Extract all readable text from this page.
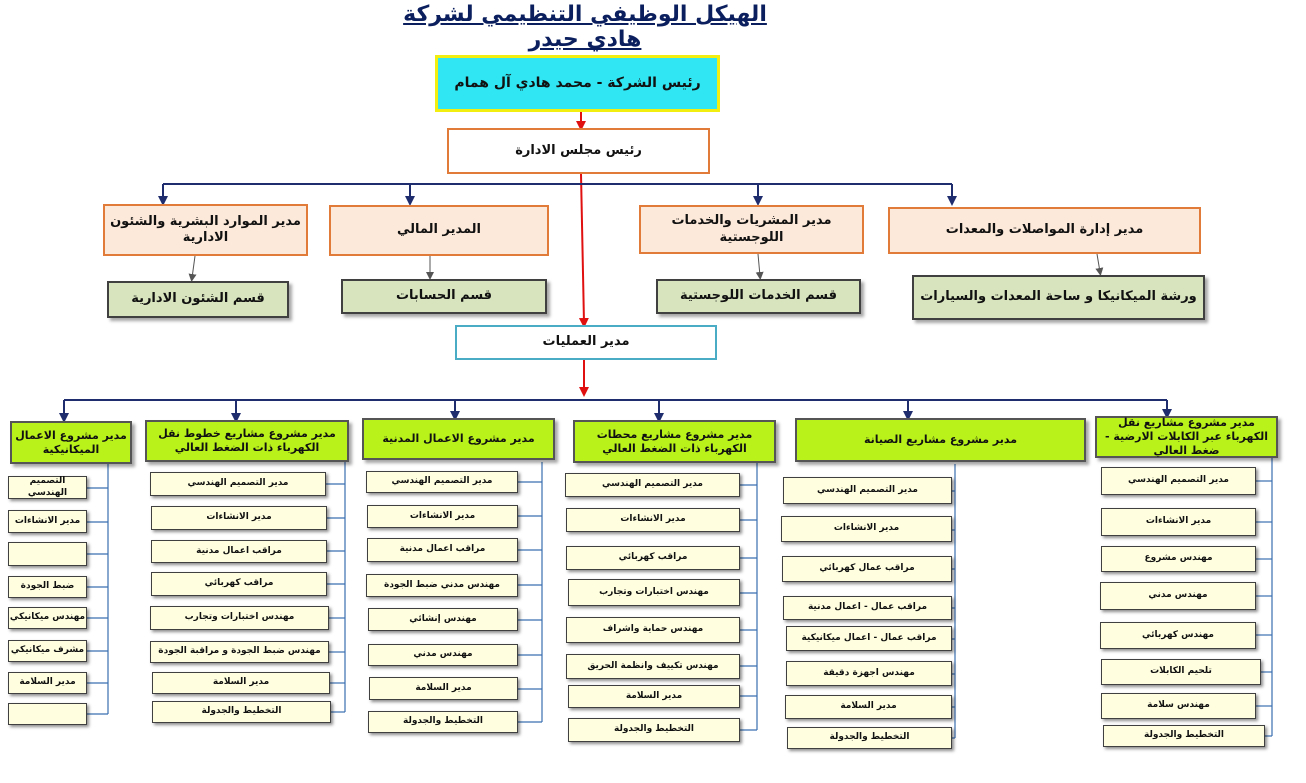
الهيكل الوظيفي التنظيمي لشركة هادي حيدر
رئيس الشركة - محمد هادي آل همام
رئيس مجلس الادارة
مدير الموارد البشرية والشئون الادارية
المدير المالي
مدير المشريات والخدمات اللوجستية	مدير إدارة المواصلات والمعدات
قسم الشئون الادارية	قسم الحسابات	قسم الخدمات اللوجستية	ورشة الميكانيكا و ساحة المعدات والسيارات
مدير العمليات
مدير مشروع الاعمال الميكانيكية
مدير مشروع مشاريع خطوط نقل الكهرباء ذات الضغط العالي
مدير مشروع الاعمال المدنية	مدير مشروع مشاريع محطات الكهرباء ذات الضغط العالي
مدير مشروع مشاريع الصيانة
مدير مشروع مشاريع نقل الكهرباء عبر الكابلات الارضية - ضغط العالي
التصميم الهندسي
مدير الانشاءات
ضبط الجودة
مهندس ميكانيكي
مشرف ميكانيكي
مدير السلامة
مدير التصميم الهندسي
مدير الانشاءات
مراقب اعمال مدنية
مراقب كهربائي
مهندس اختبارات وتجارب
مهندس ضبط الجودة و مراقبة الجودة
مدير السلامة
التخطيط والجدولة
مدير التصميم الهندسي
مدير الانشاءات
مراقب اعمال مدنية
مهندس مدني ضبط الجودة
مهندس إنشائي
مهندس مدني
مدير السلامة
التخطيط والجدولة
مدير التصميم الهندسي
مدير الانشاءات
مراقب كهربائي
مهندس اختبارات وتجارب
مهندس حماية واشراف
مهندس تكييف وانظمة الحريق
مدير السلامة
التخطيط والجدولة
مدير التصميم الهندسي
مدير الانشاءات
مراقب عمال كهربائي
مراقب عمال - اعمال مدنية
مراقب عمال - اعمال ميكانيكية
مهندس اجهزة دقيقة
مدير السلامة
التخطيط والجدولة
مدير التصميم الهندسي
مدير الانشاءات
مهندس مشروع
مهندس مدني
مهندس كهربائي
تلحيم الكابلات
مهندس سلامة
التخطيط والجدولة
